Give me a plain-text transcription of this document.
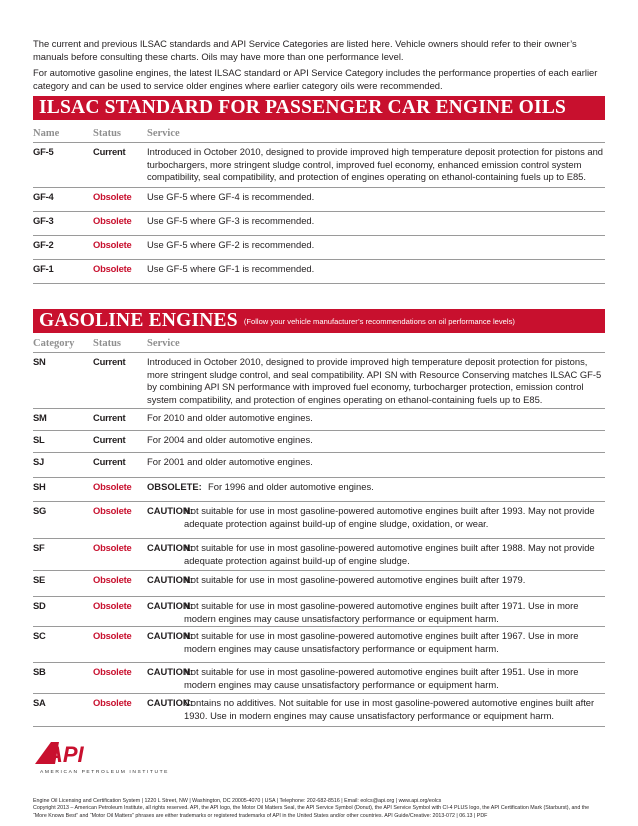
The current and previous ILSAC standards and API Service Categories are listed here. Vehicle owners should refer to their owner’s manuals before consulting these charts. Oils may have more than one performance level.
For automotive gasoline engines, the latest ILSAC standard or API Service Category includes the performance properties of each earlier category and can be used to service older engines where earlier category oils were recommended.
ILSAC STANDARD FOR PASSENGER CAR ENGINE OILS
Name	Status Service
GF-5	Current Introduced in October 2010, designed to provide improved high temperature deposit protection for pistons and turbochargers, more stringent sludge control, improved fuel economy, enhanced emission control system compatibility, seal compatibility, and protection of engines operating on ethanol-containing fuels up to E85.
GF-4	Obsolete Use GF-5 where GF-4 is recommended.
GF-3	Obsolete Use GF-5 where GF-3 is recommended.
GF-2	Obsolete Use GF-5 where GF-2 is recommended.
GF-1	Obsolete Use GF-5 where GF-1 is recommended.
GASOLINE ENGINES (Follow your vehicle manufacturer’s recommendations on oil performance levels)
Category Status Service
SN	Current Introduced in October 2010, designed to provide improved high temperature deposit protection for pistons, more stringent sludge control, and seal compatibility. API SN with Resource Conserving matches ILSAC GF-5 by combining API SN performance with improved fuel economy, turbocharger protection, emission control system compatibility, and protection of engines operating on ethanol-containing fuels up to E85.
SM	Current For 2010 and older automotive engines.
SL	Current For 2004 and older automotive engines.
SJ	Current For 2001 and older automotive engines.
SH	Obsolete OBSOLETE: For 1996 and older automotive engines.
SG	Obsolete CAUTION:
Not suitable for use in most gasoline-powered automotive engines built after 1993. May not provide adequate protection against build-up of engine sludge, oxidation, or wear.
SF	Obsolete CAUTION:
Not suitable for use in most gasoline-powered automotive engines built after 1988. May not provide adequate protection against build-up of engine sludge.
SE	Obsolete CAUTION:
Not suitable for use in most gasoline-powered automotive engines built after 1979.
SD	Obsolete CAUTION:
Not suitable for use in most gasoline-powered automotive engines built after 1971. Use in more modern engines may cause unsatisfactory performance or equipment harm.
SC	Obsolete CAUTION:
Not suitable for use in most gasoline-powered automotive engines built after 1967. Use in more modern engines may cause unsatisfactory performance or equipment harm.
SB	Obsolete CAUTION:
Not suitable for use in most gasoline-powered automotive engines built after 1951. Use in more modern engines may cause unsatisfactory performance or equipment harm.
SA	Obsolete CAUTION:
Contains no additives. Not suitable for use in most gasoline-powered automotive engines built after 1930. Use in modern engines may cause unsatisfactory performance or equipment harm.
API
AMERICAN PETROLEUM INSTITUTE
Engine Oil Licensing and Certification System | 1220 L Street, NW | Washington, DC 20005-4070 | USA | Telephone: 202-682-8516 | Email: eolcs@api.org | www.api.org/eolcs
Copyright 2013 – American Petroleum Institute, all rights reserved. API, the API logo, the Motor Oil Matters Seal, the API Service Symbol (Donut), the API Service Symbol with CI-4 PLUS logo, the API Certification Mark (Starburst), and the
“More Knows Best” and “Motor Oil Matters” phrases are either trademarks or registered trademarks of API in the United States and/or other countries. API Guide/Creative: 2013-072 | 06.13 | PDF
